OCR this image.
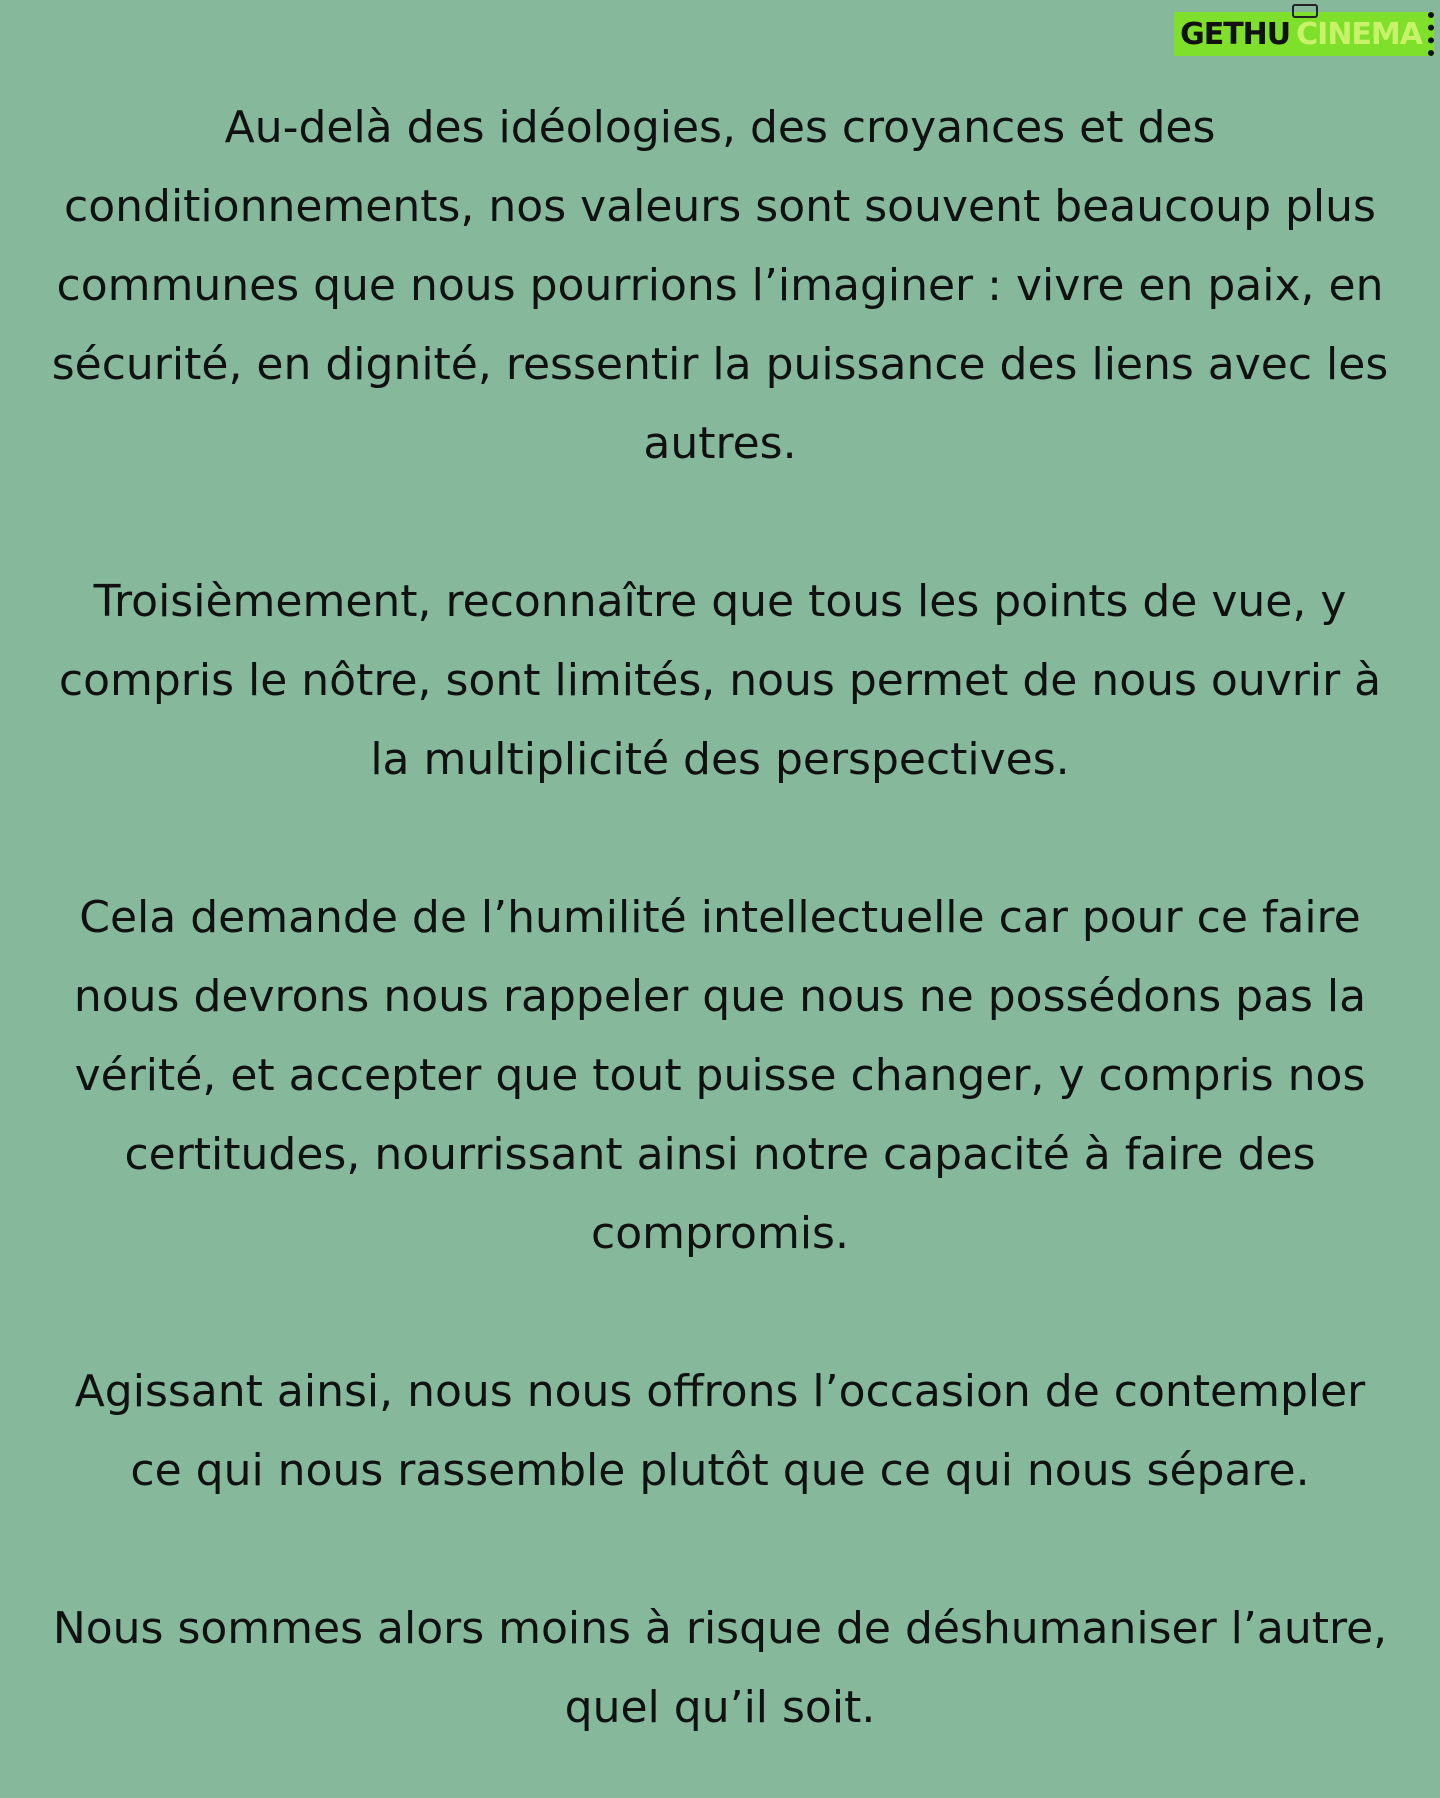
GETHU CINEMA

Au-delà des idéologies, des croyances et des
conditionnements, nos valeurs sont souvent beaucoup plus
communes que nous pourrions l’imaginer : vivre en paix, en
sécurité, en dignité, ressentir la puissance des liens avec les
autres.

Troisièmement, reconnaître que tous les points de vue, y
compris le nôtre, sont limités, nous permet de nous ouvrir à
la multiplicité des perspectives.

Cela demande de l’humilité intellectuelle car pour ce faire
nous devrons nous rappeler que nous ne possédons pas la
vérité, et accepter que tout puisse changer, y compris nos
certitudes, nourrissant ainsi notre capacité à faire des
compromis.

Agissant ainsi, nous nous offrons l’occasion de contempler
ce qui nous rassemble plutôt que ce qui nous sépare.

Nous sommes alors moins à risque de déshumaniser l’autre,
quel qu’il soit.
